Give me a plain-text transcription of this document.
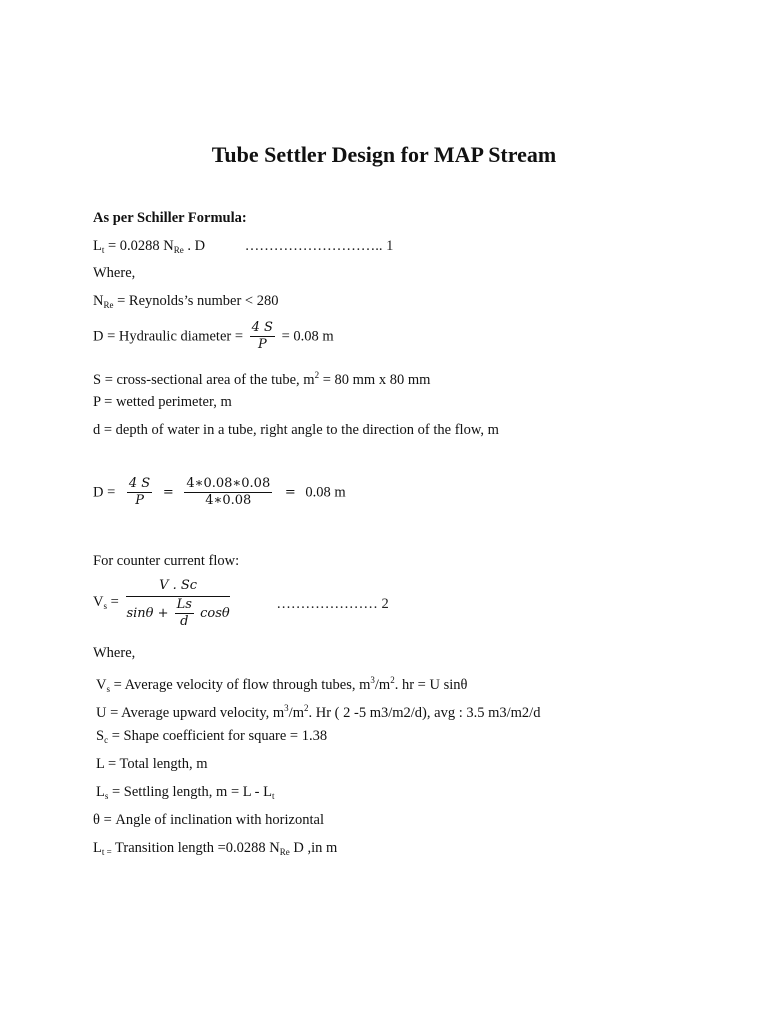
Tube Settler Design for MAP Stream
As per Schiller Formula:
$L_t = 0.0288$ $N_{Re}$ . D	……………………….. 1
Where,
$N_{Re}$ = Reynolds’s number < 280
D = Hydraulic diameter = $\frac{4 S}{P} = 0.08$ m
S = cross-sectional area of the tube, $m^2 = 80$ mm x 80 mm
P = wetted perimeter, m
d = depth of water in a tube, right angle to the direction of the flow, m
$D = \frac{4 S}{P} = \frac{4∗0.08∗0.08}{4∗0.08} = 0.08$ m
For counter current flow:
$V_s = \frac{V . Sc}{\sin\theta + \frac{Ls}{d} \cos\theta}$	………………… 2
Where,
$V_s$ = Average velocity of flow through tubes, $m^3/m^2$. hr = U sinθ
U = Average upward velocity, $m^3/m^2$. Hr ( 2 -5 m3/m2/d), avg : 3.5 m3/m2/d
$S_c$ = Shape coefficient for square = 1.38
L = Total length, m
$L_s$ = Settling length, $m = L - L_t$
θ = Angle of inclination with horizontal
$L_{t =}$ Transition length =0.0288 $N_{Re}$ D ,in m
